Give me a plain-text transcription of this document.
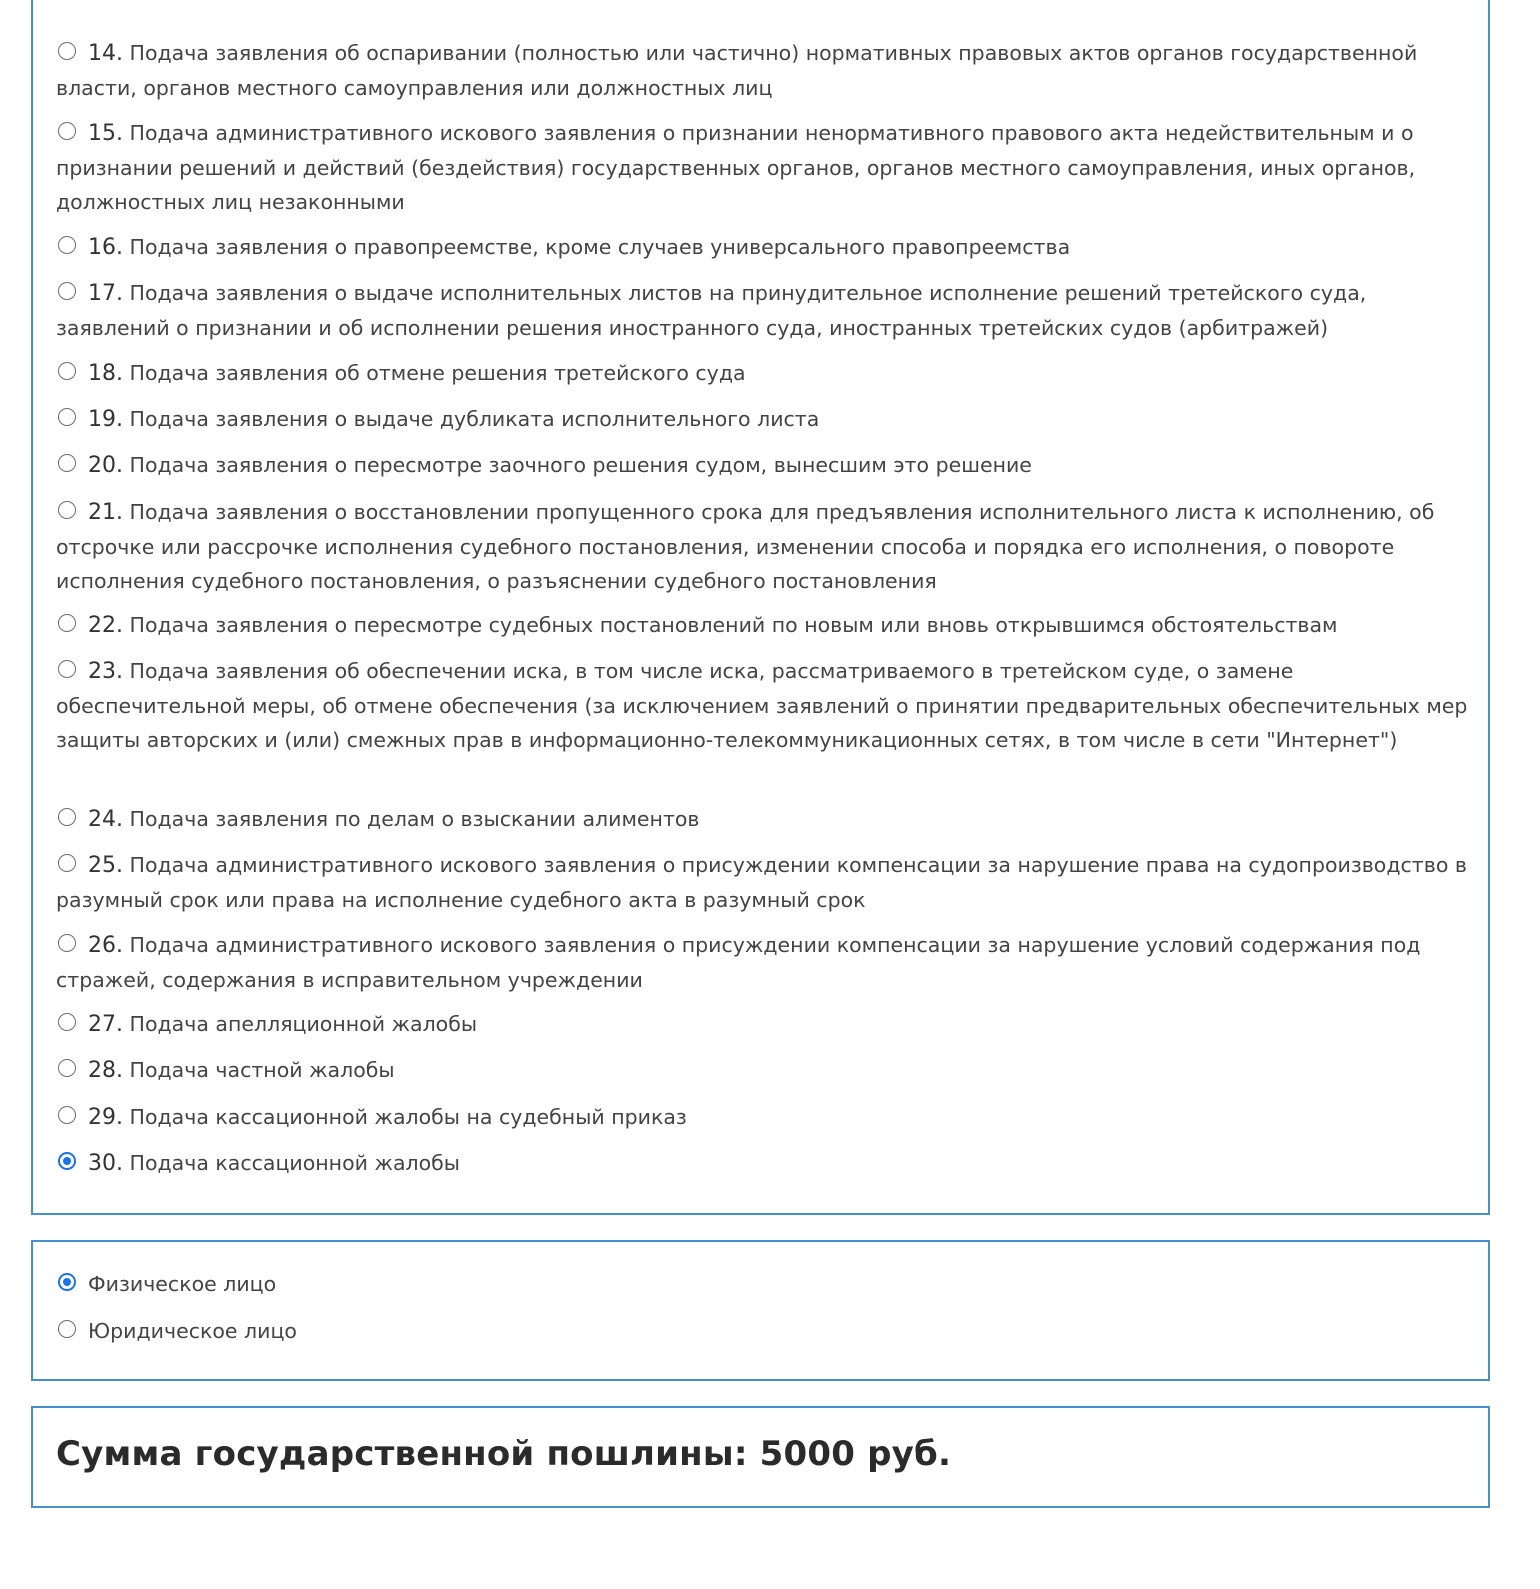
14. Подача заявления об оспаривании (полностью или частично) нормативных правовых актов органов государственной власти, органов местного самоуправления или должностных лиц
15. Подача административного искового заявления о признании ненормативного правового акта недействительным и о признании решений и действий (бездействия) государственных органов, органов местного самоуправления, иных органов, должностных лиц незаконными
16. Подача заявления о правопреемстве, кроме случаев универсального правопреемства
17. Подача заявления о выдаче исполнительных листов на принудительное исполнение решений третейского суда, заявлений о признании и об исполнении решения иностранного суда, иностранных третейских судов (арбитражей)
18. Подача заявления об отмене решения третейского суда
19. Подача заявления о выдаче дубликата исполнительного листа
20. Подача заявления о пересмотре заочного решения судом, вынесшим это решение
21. Подача заявления о восстановлении пропущенного срока для предъявления исполнительного листа к исполнению, об отсрочке или рассрочке исполнения судебного постановления, изменении способа и порядка его исполнения, о повороте исполнения судебного постановления, о разъяснении судебного постановления
22. Подача заявления о пересмотре судебных постановлений по новым или вновь открывшимся обстоятельствам
23. Подача заявления об обеспечении иска, в том числе иска, рассматриваемого в третейском суде, о замене обеспечительной меры, об отмене обеспечения (за исключением заявлений о принятии предварительных обеспечительных мер защиты авторских и (или) смежных прав в информационно-телекоммуникационных сетях, в том числе в сети "Интернет")
24. Подача заявления по делам о взыскании алиментов
25. Подача административного искового заявления о присуждении компенсации за нарушение права на судопроизводство в разумный срок или права на исполнение судебного акта в разумный срок
26. Подача административного искового заявления о присуждении компенсации за нарушение условий содержания под стражей, содержания в исправительном учреждении
27. Подача апелляционной жалобы
28. Подача частной жалобы
29. Подача кассационной жалобы на судебный приказ
30. Подача кассационной жалобы
Физическое лицо
Юридическое лицо
Сумма государственной пошлины: 5000 руб.
